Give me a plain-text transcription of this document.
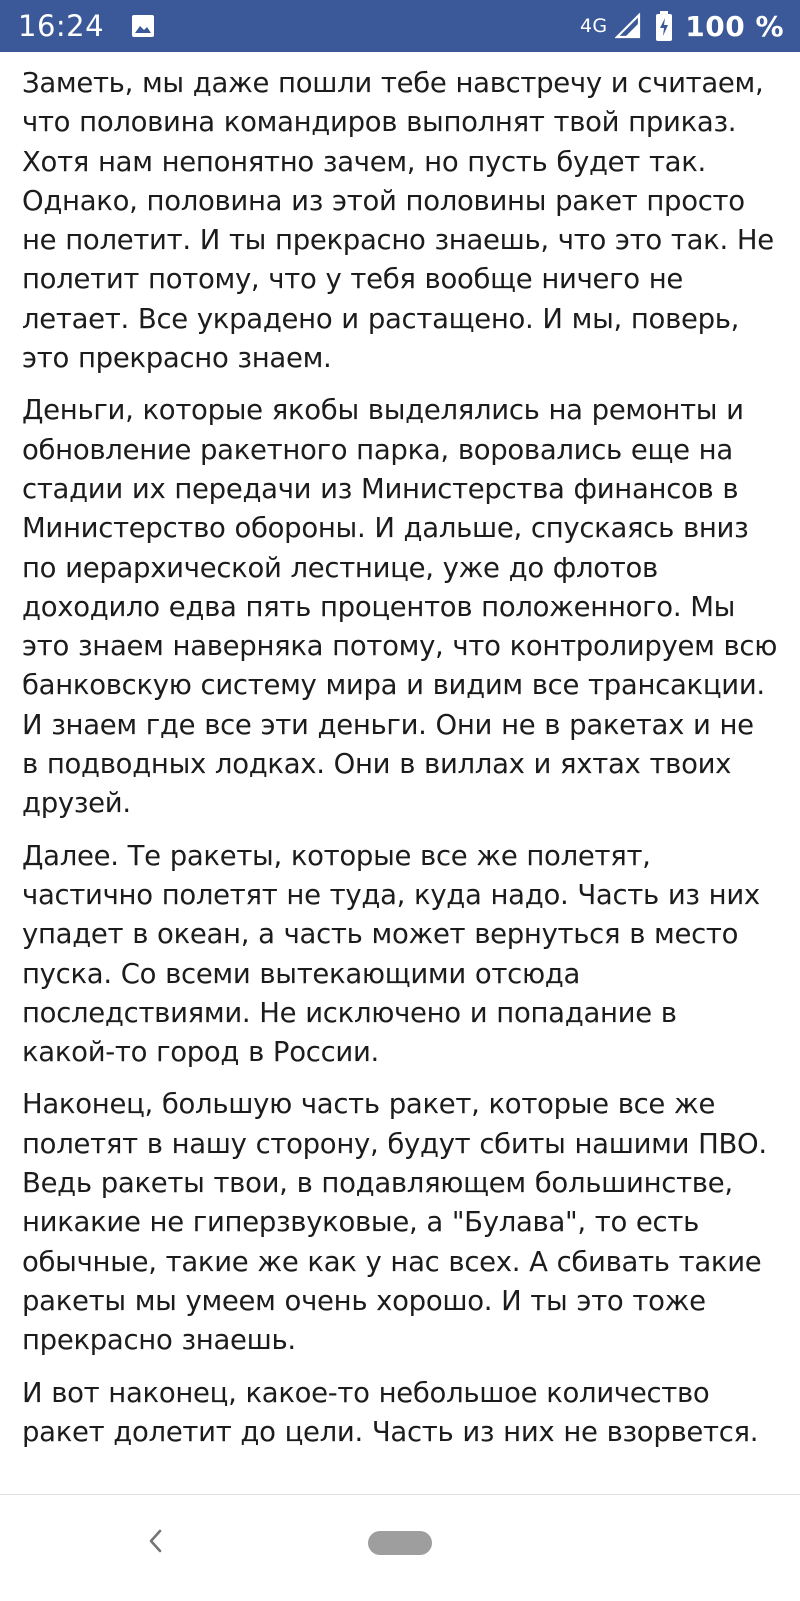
16:24	4G	100 %

Заметь, мы даже пошли тебе навстречу и считаем, что половина командиров выполнят твой приказ. Хотя нам непонятно зачем, но пусть будет так. Однако, половина из этой половины ракет просто не полетит. И ты прекрасно знаешь, что это так. Не полетит потому, что у тебя вообще ничего не летает. Все украдено и растащено. И мы, поверь, это прекрасно знаем.

Деньги, которые якобы выделялись на ремонты и обновление ракетного парка, воровались еще на стадии их передачи из Министерства финансов в Министерство обороны. И дальше, спускаясь вниз по иерархической лестнице, уже до флотов доходило едва пять процентов положенного. Мы это знаем наверняка потому, что контролируем всю банковскую систему мира и видим все трансакции. И знаем где все эти деньги. Они не в ракетах и не в подводных лодках. Они в виллах и яхтах твоих друзей.

Далее. Те ракеты, которые все же полетят, частично полетят не туда, куда надо. Часть из них упадет в океан, а часть может вернуться в место пуска. Со всеми вытекающими отсюда последствиями. Не исключено и попадание в какой-то город в России.

Наконец, большую часть ракет, которые все же полетят в нашу сторону, будут сбиты нашими ПВО. Ведь ракеты твои, в подавляющем большинстве, никакие не гиперзвуковые, а "Булава", то есть обычные, такие же как у нас всех. А сбивать такие ракеты мы умеем очень хорошо. И ты это тоже прекрасно знаешь.

И вот наконец, какое-то небольшое количество ракет долетит до цели. Часть из них не взорвется.
